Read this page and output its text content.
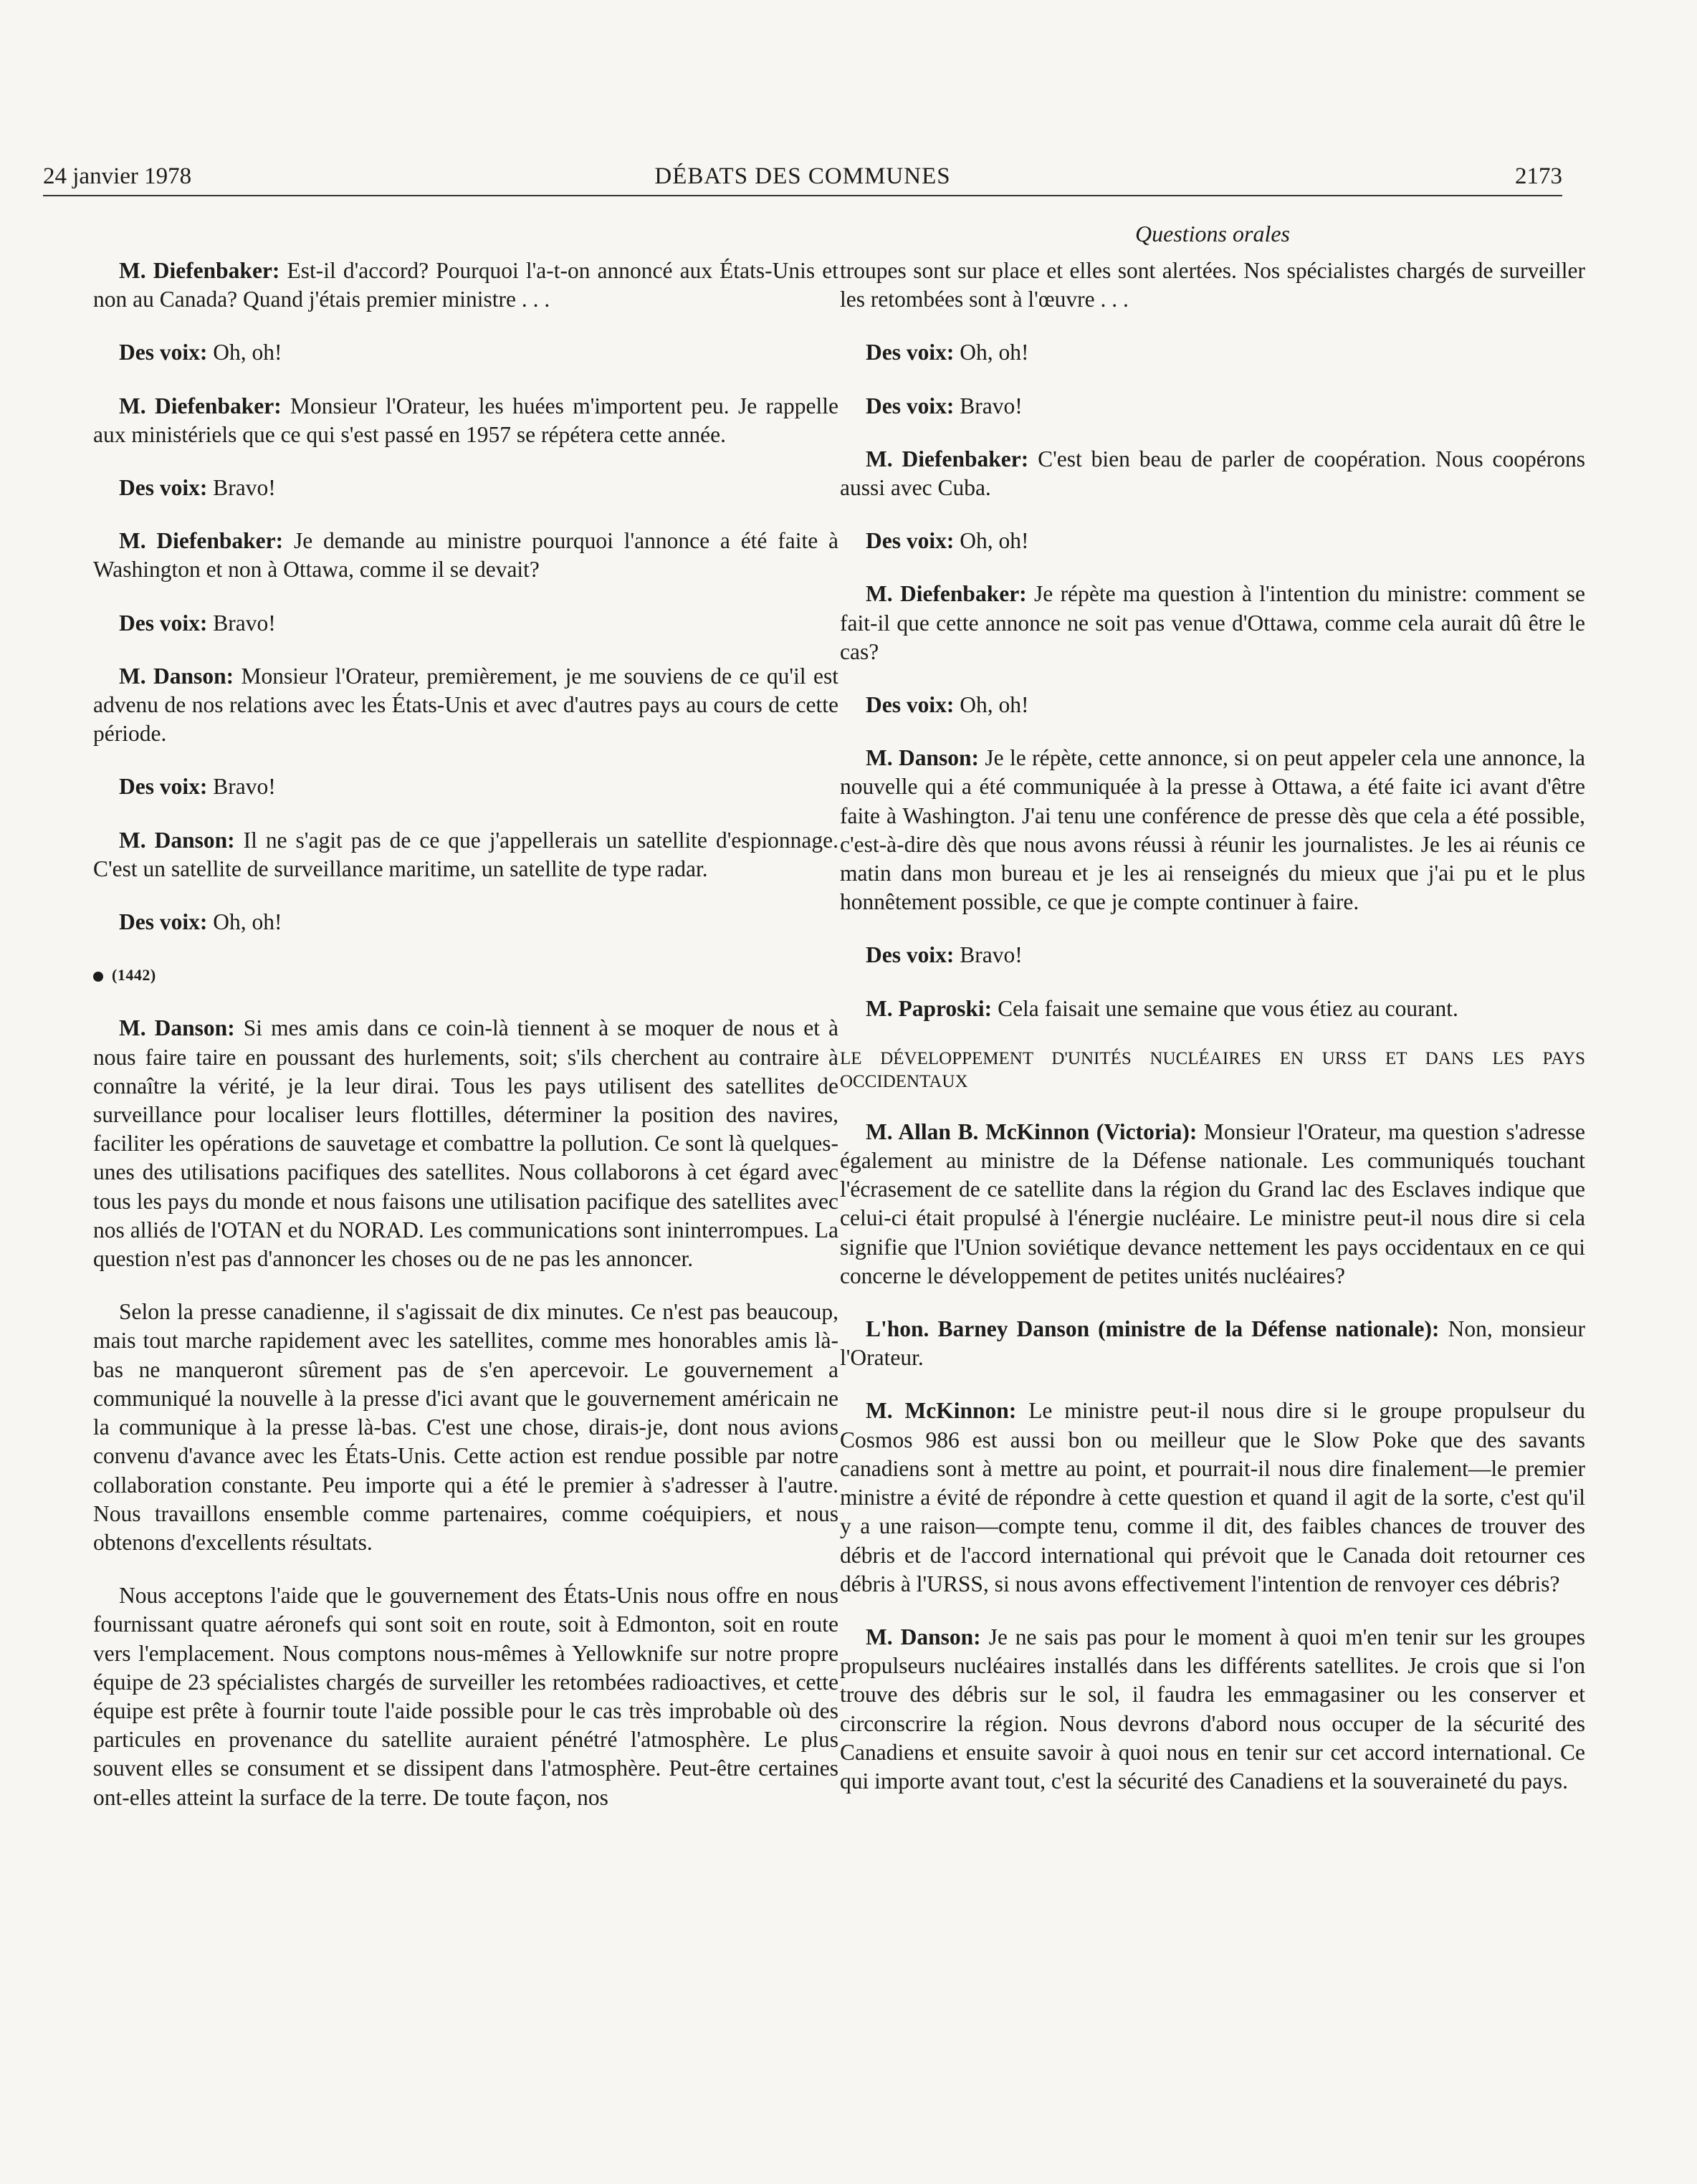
24 janvier 1978	DÉBATS DES COMMUNES	2173
Questions orales

M. Diefenbaker: Est-il d'accord? Pourquoi l'a-t-on annoncé aux États-Unis et non au Canada? Quand j'étais premier ministre . . .

Des voix: Oh, oh!

M. Diefenbaker: Monsieur l'Orateur, les huées m'importent peu. Je rappelle aux ministériels que ce qui s'est passé en 1957 se répétera cette année.

Des voix: Bravo!

M. Diefenbaker: Je demande au ministre pourquoi l'annonce a été faite à Washington et non à Ottawa, comme il se devait?

Des voix: Bravo!

M. Danson: Monsieur l'Orateur, premièrement, je me souviens de ce qu'il est advenu de nos relations avec les États-Unis et avec d'autres pays au cours de cette période.

Des voix: Bravo!

M. Danson: Il ne s'agit pas de ce que j'appellerais un satellite d'espionnage. C'est un satellite de surveillance maritime, un satellite de type radar.

Des voix: Oh, oh!

(1442)

M. Danson: Si mes amis dans ce coin-là tiennent à se moquer de nous et à nous faire taire en poussant des hurlements, soit; s'ils cherchent au contraire à connaître la vérité, je la leur dirai. Tous les pays utilisent des satellites de surveillance pour localiser leurs flottilles, déterminer la position des navires, faciliter les opérations de sauvetage et combattre la pollution. Ce sont là quelques-unes des utilisations pacifiques des satellites. Nous collaborons à cet égard avec tous les pays du monde et nous faisons une utilisation pacifique des satellites avec nos alliés de l'OTAN et du NORAD. Les communications sont ininterrompues. La question n'est pas d'annoncer les choses ou de ne pas les annoncer.

Selon la presse canadienne, il s'agissait de dix minutes. Ce n'est pas beaucoup, mais tout marche rapidement avec les satellites, comme mes honorables amis là-bas ne manqueront sûrement pas de s'en apercevoir. Le gouvernement a communiqué la nouvelle à la presse d'ici avant que le gouvernement américain ne la communique à la presse là-bas. C'est une chose, dirais-je, dont nous avions convenu d'avance avec les États-Unis. Cette action est rendue possible par notre collaboration constante. Peu importe qui a été le premier à s'adresser à l'autre. Nous travaillons ensemble comme partenaires, comme coéquipiers, et nous obtenons d'excellents résultats.

Nous acceptons l'aide que le gouvernement des États-Unis nous offre en nous fournissant quatre aéronefs qui sont soit en route, soit à Edmonton, soit en route vers l'emplacement. Nous comptons nous-mêmes à Yellowknife sur notre propre équipe de 23 spécialistes chargés de surveiller les retombées radioactives, et cette équipe est prête à fournir toute l'aide possible pour le cas très improbable où des particules en provenance du satellite auraient pénétré l'atmosphère. Le plus souvent elles se consument et se dissipent dans l'atmosphère. Peut-être certaines ont-elles atteint la surface de la terre. De toute façon, nos

troupes sont sur place et elles sont alertées. Nos spécialistes chargés de surveiller les retombées sont à l'œuvre . . .

Des voix: Oh, oh!

Des voix: Bravo!

M. Diefenbaker: C'est bien beau de parler de coopération. Nous coopérons aussi avec Cuba.

Des voix: Oh, oh!

M. Diefenbaker: Je répète ma question à l'intention du ministre: comment se fait-il que cette annonce ne soit pas venue d'Ottawa, comme cela aurait dû être le cas?

Des voix: Oh, oh!

M. Danson: Je le répète, cette annonce, si on peut appeler cela une annonce, la nouvelle qui a été communiquée à la presse à Ottawa, a été faite ici avant d'être faite à Washington. J'ai tenu une conférence de presse dès que cela a été possible, c'est-à-dire dès que nous avons réussi à réunir les journalistes. Je les ai réunis ce matin dans mon bureau et je les ai renseignés du mieux que j'ai pu et le plus honnêtement possible, ce que je compte continuer à faire.

Des voix: Bravo!

M. Paproski: Cela faisait une semaine que vous étiez au courant.

LE DÉVELOPPEMENT D'UNITÉS NUCLÉAIRES EN URSS ET DANS LES PAYS OCCIDENTAUX

M. Allan B. McKinnon (Victoria): Monsieur l'Orateur, ma question s'adresse également au ministre de la Défense nationale. Les communiqués touchant l'écrasement de ce satellite dans la région du Grand lac des Esclaves indique que celui-ci était propulsé à l'énergie nucléaire. Le ministre peut-il nous dire si cela signifie que l'Union soviétique devance nettement les pays occidentaux en ce qui concerne le développement de petites unités nucléaires?

L'hon. Barney Danson (ministre de la Défense nationale): Non, monsieur l'Orateur.

M. McKinnon: Le ministre peut-il nous dire si le groupe propulseur du Cosmos 986 est aussi bon ou meilleur que le Slow Poke que des savants canadiens sont à mettre au point, et pourrait-il nous dire finalement—le premier ministre a évité de répondre à cette question et quand il agit de la sorte, c'est qu'il y a une raison—compte tenu, comme il dit, des faibles chances de trouver des débris et de l'accord international qui prévoit que le Canada doit retourner ces débris à l'URSS, si nous avons effectivement l'intention de renvoyer ces débris?

M. Danson: Je ne sais pas pour le moment à quoi m'en tenir sur les groupes propulseurs nucléaires installés dans les différents satellites. Je crois que si l'on trouve des débris sur le sol, il faudra les emmagasiner ou les conserver et circonscrire la région. Nous devrons d'abord nous occuper de la sécurité des Canadiens et ensuite savoir à quoi nous en tenir sur cet accord international. Ce qui importe avant tout, c'est la sécurité des Canadiens et la souveraineté du pays.
